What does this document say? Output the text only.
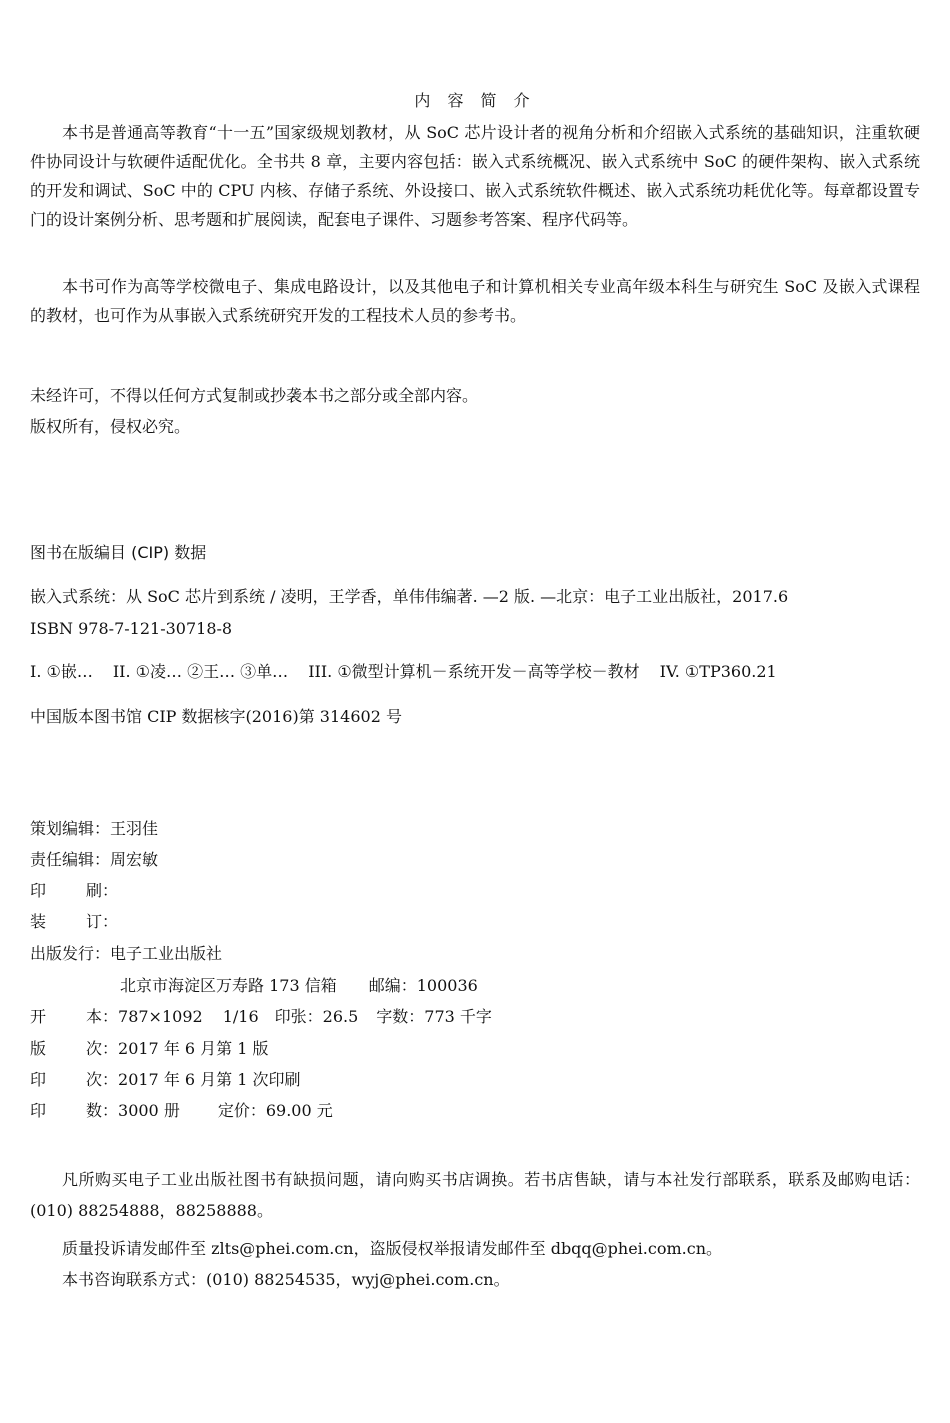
内 容 简 介

本书是普通高等教育“十一五”国家级规划教材，从 SoC 芯片设计者的视角分析和介绍嵌入式系统的基础知识，注重软硬件协同设计与软硬件适配优化。全书共 8 章，主要内容包括：嵌入式系统概况、嵌入式系统中 SoC 的硬件架构、嵌入式系统的开发和调试、SoC 中的 CPU 内核、存储子系统、外设接口、嵌入式系统软件概述、嵌入式系统功耗优化等。每章都设置专门的设计案例分析、思考题和扩展阅读，配套电子课件、习题参考答案、程序代码等。

本书可作为高等学校微电子、集成电路设计，以及其他电子和计算机相关专业高年级本科生与研究生 SoC 及嵌入式课程的教材，也可作为从事嵌入式系统研究开发的工程技术人员的参考书。

未经许可，不得以任何方式复制或抄袭本书之部分或全部内容。

版权所有，侵权必究。

图书在版编目 (CIP) 数据

嵌入式系统：从 SoC 芯片到系统 / 凌明，王学香，单伟伟编著. —2 版. —北京：电子工业出版社，2017.6

ISBN 978-7-121-30718-8

I. ①嵌… II. ①凌… ②王… ③单… III. ①微型计算机－系统开发－高等学校－教材 IV. ①TP360.21

中国版本图书馆 CIP 数据核字(2016)第 314602 号

策划编辑：王羽佳
责任编辑：周宏敏
印 刷：
装 订：
出版发行：电子工业出版社
北京市海淀区万寿路 173 信箱 邮编：100036
开 本：787×1092 1/16 印张：26.5 字数：773 千字
版 次：2017 年 6 月第 1 版
印 次：2017 年 6 月第 1 次印刷
印 数：3000 册 定价：69.00 元

凡所购买电子工业出版社图书有缺损问题，请向购买书店调换。若书店售缺，请与本社发行部联系，联系及邮购电话：(010) 88254888，88258888。

质量投诉请发邮件至 zlts@phei.com.cn，盗版侵权举报请发邮件至 dbqq@phei.com.cn。

本书咨询联系方式：(010) 88254535，wyj@phei.com.cn。
